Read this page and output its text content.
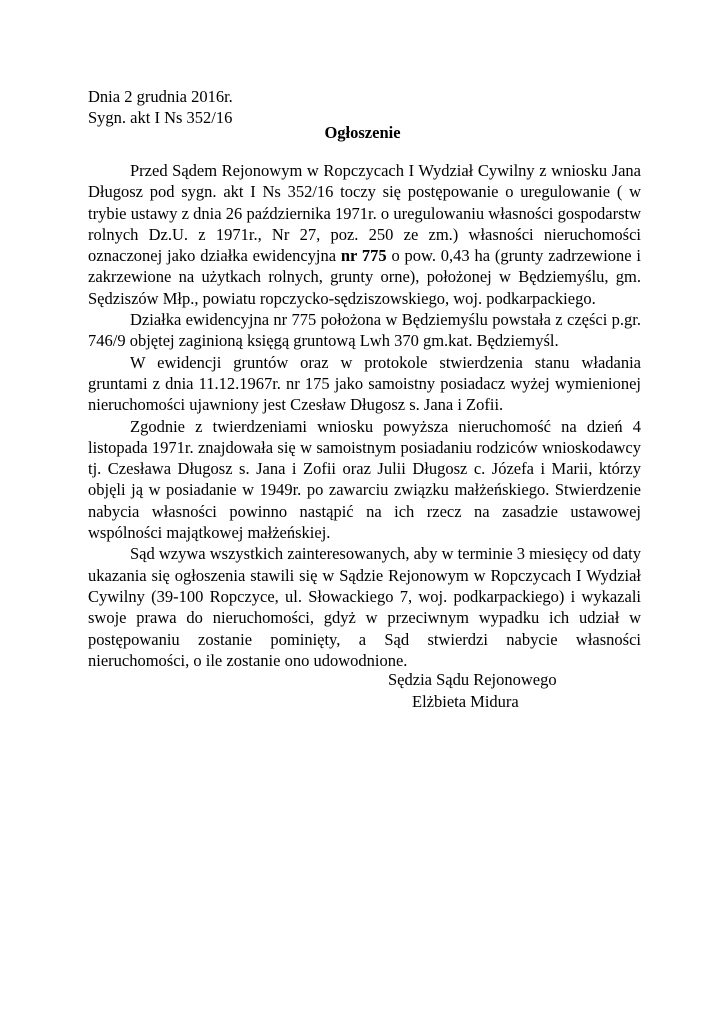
Dnia 2 grudnia 2016r.
Sygn. akt I Ns 352/16
Ogłoszenie

Przed Sądem Rejonowym w Ropczycach I Wydział Cywilny z wniosku Jana Długosz pod sygn. akt I Ns 352/16 toczy się postępowanie o uregulowanie ( w trybie ustawy z dnia 26 października 1971r. o uregulowaniu własności gospodarstw rolnych Dz.U. z 1971r., Nr 27, poz. 250 ze zm.) własności nieruchomości oznaczonej jako działka ewidencyjna nr 775 o pow. 0,43 ha (grunty zadrzewione i zakrzewione na użytkach rolnych, grunty orne), położonej w Będziemyślu, gm. Sędziszów Młp., powiatu ropczycko-sędziszowskiego, woj. podkarpackiego.

Działka ewidencyjna nr 775 położona w Będziemyślu powstała z części p.gr. 746/9 objętej zaginioną księgą gruntową Lwh 370 gm.kat. Będziemyśl.

W ewidencji gruntów oraz w protokole stwierdzenia stanu władania gruntami z dnia 11.12.1967r. nr 175 jako samoistny posiadacz wyżej wymienionej nieruchomości ujawniony jest Czesław Długosz s. Jana i Zofii.

Zgodnie z twierdzeniami wniosku powyższa nieruchomość na dzień 4 listopada 1971r. znajdowała się w samoistnym posiadaniu rodziców wnioskodawcy tj. Czesława Długosz s. Jana i Zofii oraz Julii Długosz c. Józefa i Marii, którzy objęli ją w posiadanie w 1949r. po zawarciu związku małżeńskiego. Stwierdzenie nabycia własności powinno nastąpić na ich rzecz na zasadzie ustawowej wspólności majątkowej małżeńskiej.

Sąd wzywa wszystkich zainteresowanych, aby w terminie 3 miesięcy od daty ukazania się ogłoszenia stawili się w Sądzie Rejonowym w Ropczycach I Wydział Cywilny (39-100 Ropczyce, ul. Słowackiego 7, woj. podkarpackiego) i wykazali swoje prawa do nieruchomości, gdyż w przeciwnym wypadku ich udział w postępowaniu zostanie pominięty, a Sąd stwierdzi nabycie własności nieruchomości, o ile zostanie ono udowodnione.

Sędzia Sądu Rejonowego
Elżbieta Midura
